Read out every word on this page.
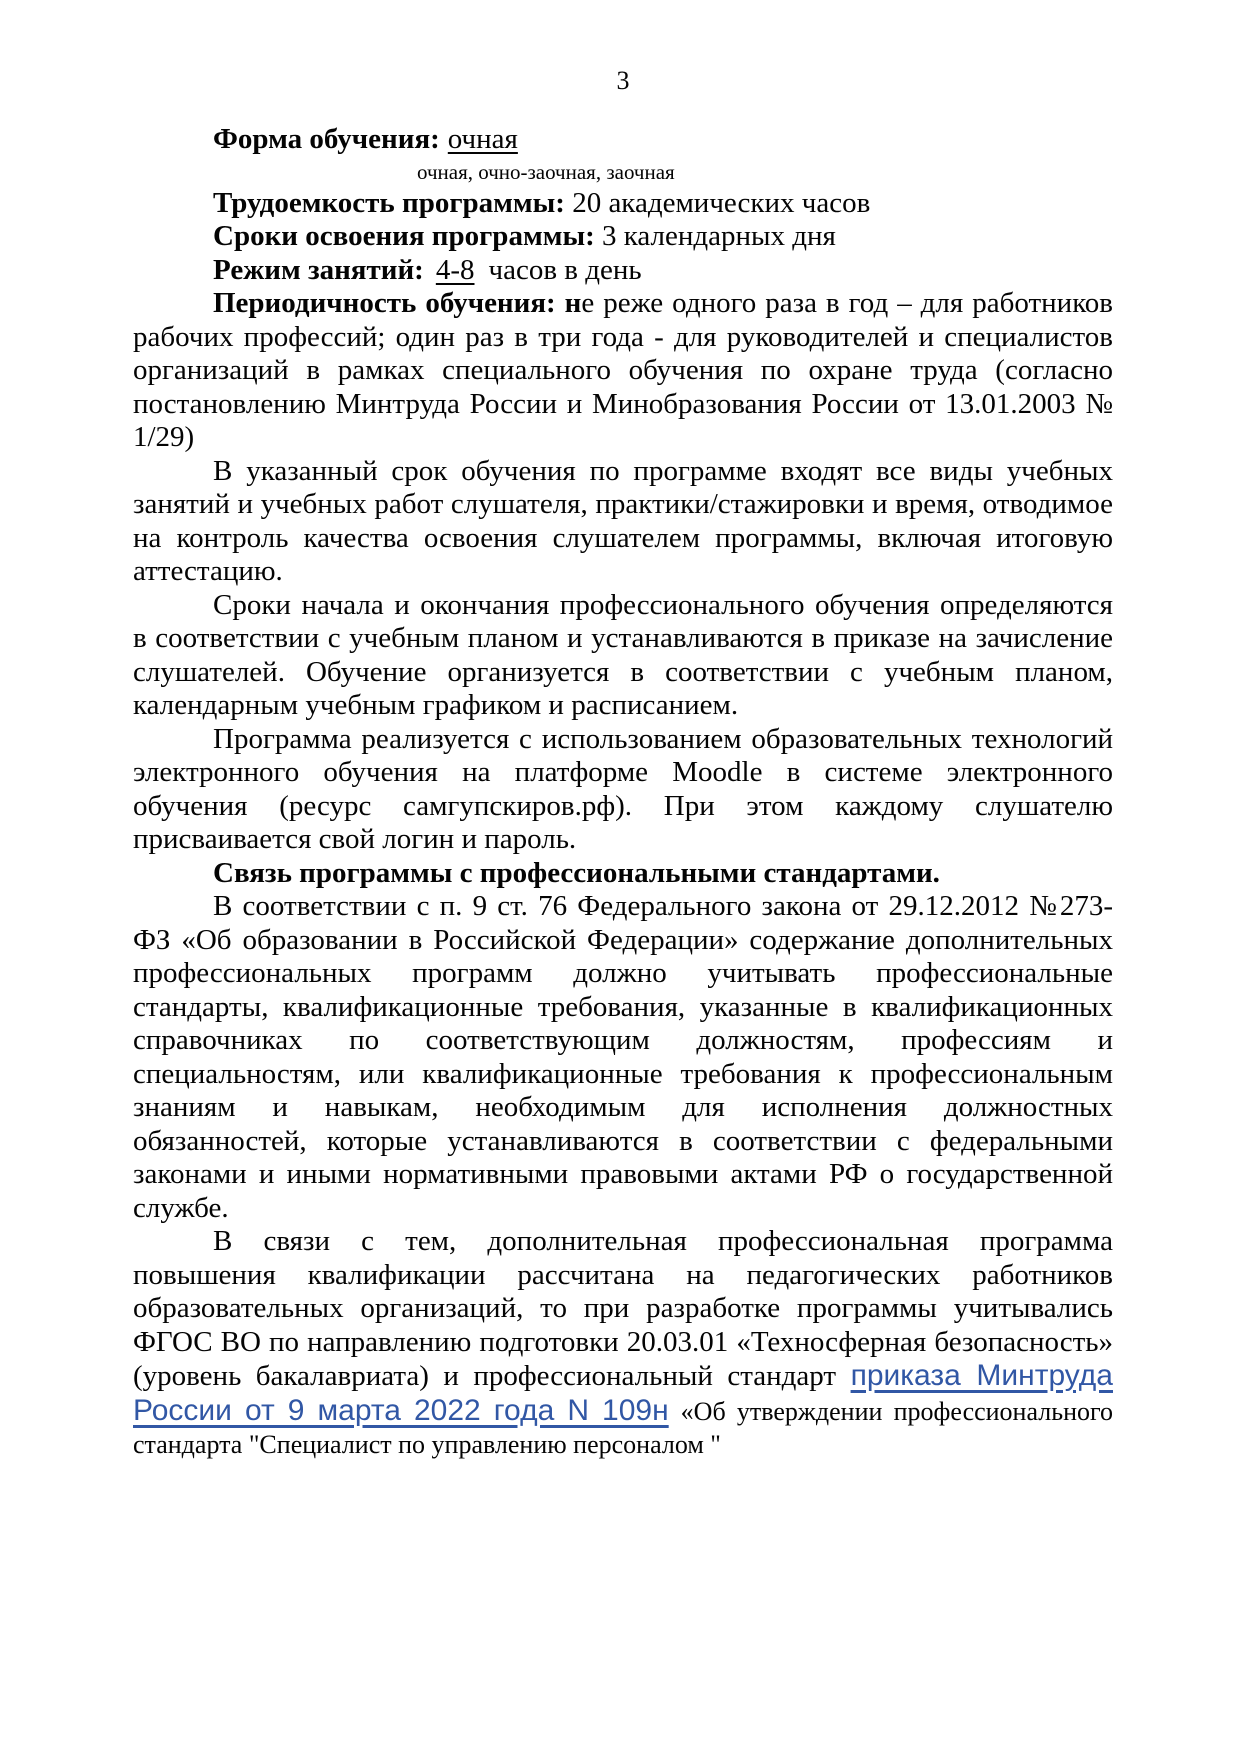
3

Форма обучения: очная

очная, очно-заочная, заочная

Трудоемкость программы: 20 академических часов

Сроки освоения программы: 3 календарных дня

Режим занятий: 4-8 часов в день

Периодичность обучения: не реже одного раза в год – для работников рабочих профессий; один раз в три года - для руководителей и специалистов организаций в рамках специального обучения по охране труда (согласно постановлению Минтруда России и Минобразования России от 13.01.2003 № 1/29)

В указанный срок обучения по программе входят все виды учебных занятий и учебных работ слушателя, практики/стажировки и время, отводимое на контроль качества освоения слушателем программы, включая итоговую аттестацию.

Сроки начала и окончания профессионального обучения определяются в соответствии с учебным планом и устанавливаются в приказе на зачисление слушателей. Обучение организуется в соответствии с учебным планом, календарным учебным графиком и расписанием.

Программа реализуется с использованием образовательных технологий электронного обучения на платформе Moodle в системе электронного обучения (ресурс самгупскиров.рф). При этом каждому слушателю присваивается свой логин и пароль.

Связь программы с профессиональными стандартами.

В соответствии с п. 9 ст. 76 Федерального закона от 29.12.2012 №273-ФЗ «Об образовании в Российской Федерации» содержание дополнительных профессиональных программ должно учитывать профессиональные стандарты, квалификационные требования, указанные в квалификационных справочниках по соответствующим должностям, профессиям и специальностям, или квалификационные требования к профессиональным знаниям и навыкам, необходимым для исполнения должностных обязанностей, которые устанавливаются в соответствии с федеральными законами и иными нормативными правовыми актами РФ о государственной службе.

В связи с тем, дополнительная профессиональная программа повышения квалификации рассчитана на педагогических работников образовательных организаций, то при разработке программы учитывались ФГОС ВО по направлению подготовки 20.03.01 «Техносферная безопасность» (уровень бакалавриата) и профессиональный стандарт приказа Минтруда России от 9 марта 2022 года N 109н «Об утверждении профессионального стандарта "Специалист по управлению персоналом "
